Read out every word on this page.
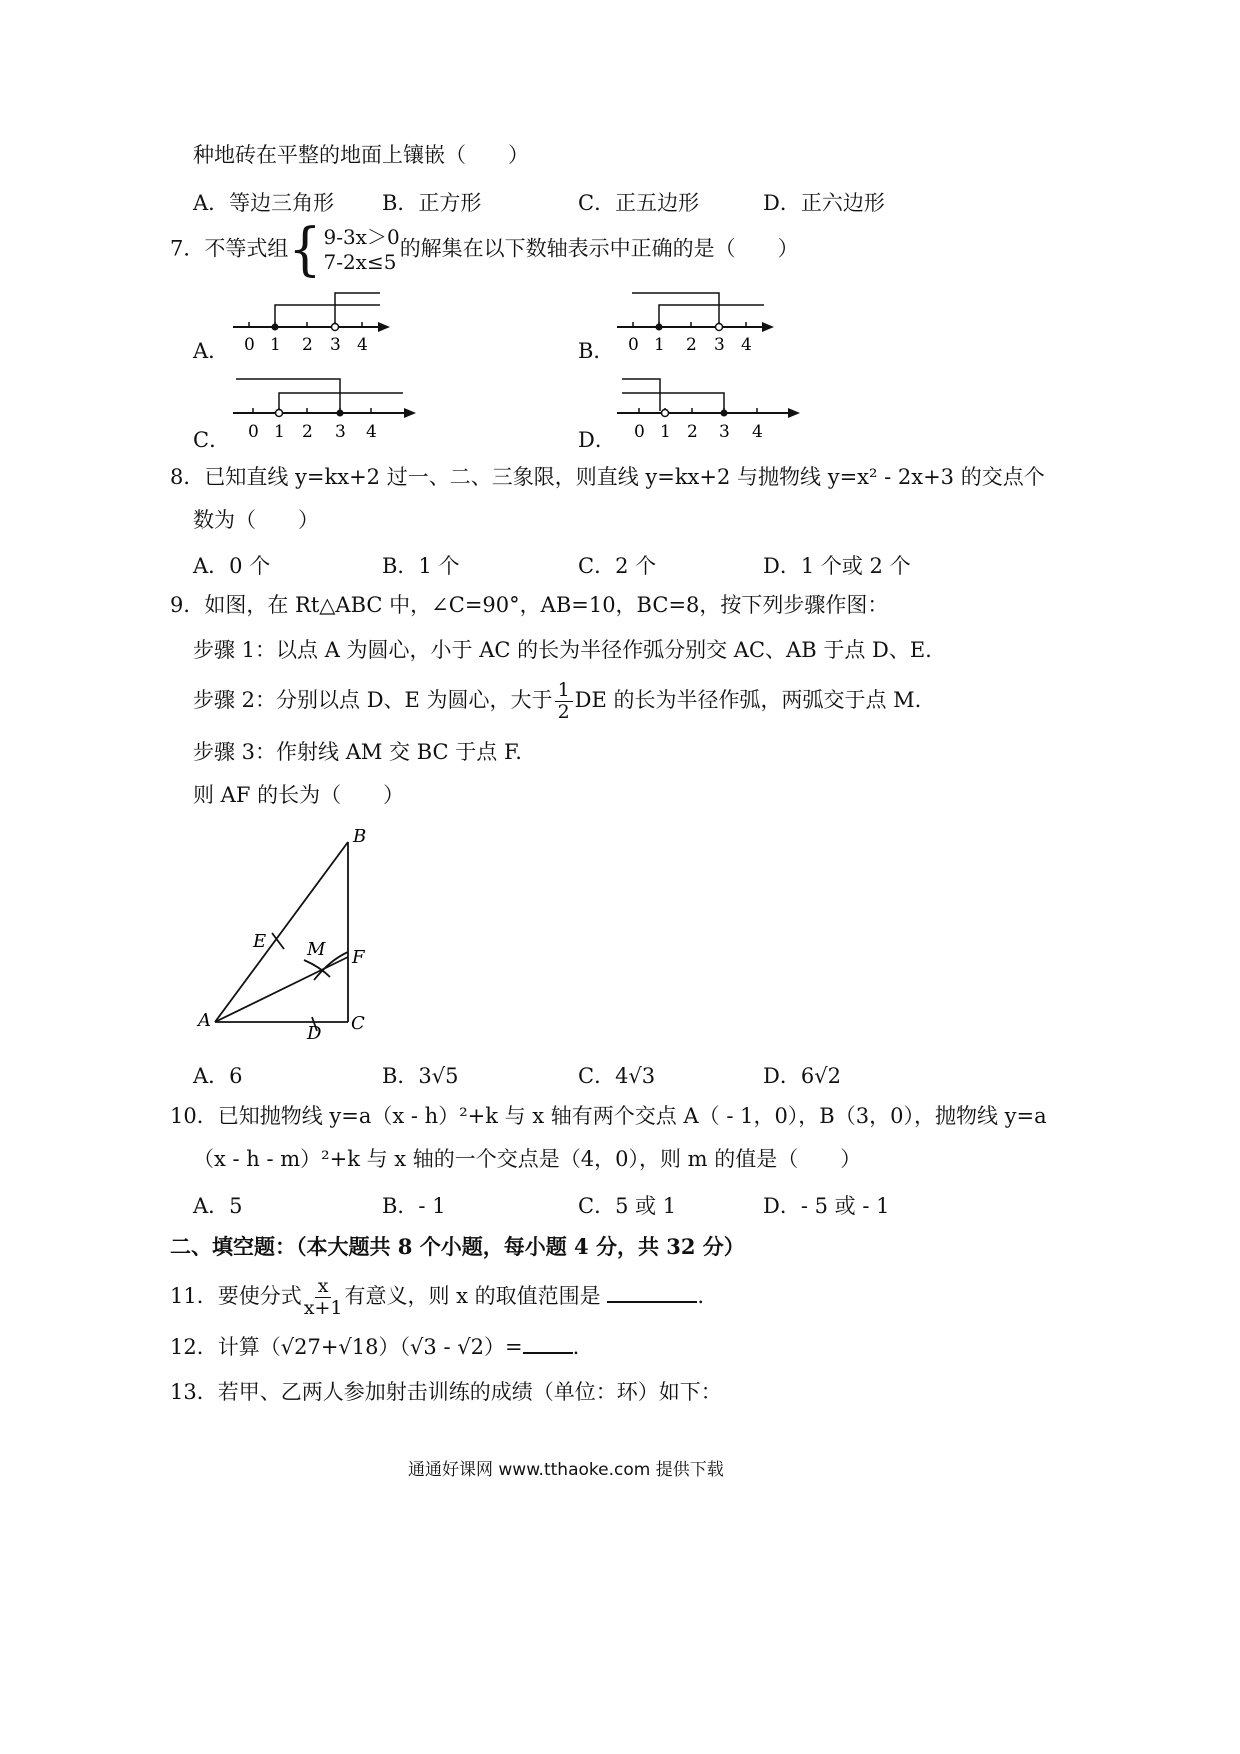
种地砖在平整的地面上镶嵌（　　）
A．等边三角形 B．正方形	C．正五边形	D．正六边形
7．不等式组 { 9-3x＞0
7-2x≤5
的解集在以下数轴表示中正确的是（　　）
A．	B．
C．	D．
0 1 2 3 4	0 1 2 3 4
0 1 2 3 4	0 1 2 3 4
8．已知直线 y=kx+2 过一、二、三象限，则直线 y=kx+2 与抛物线 y=x² - 2x+3 的交点个
数为（　　）
A．0 个	B．1 个	C．2 个	D．1 个或 2 个
9．如图，在 Rt△ABC 中，∠C=90°，AB=10，BC=8，按下列步骤作图：
步骤 1：以点 A 为圆心，小于 AC 的长为半径作弧分别交 AC、AB 于点 D、E.
步骤 2：分别以点 D、E 为圆心，大于 $\frac{1}{2}$ DE 的长为半径作弧，两弧交于点 M.
步骤 3：作射线 AM 交 BC 于点 F.
则 AF 的长为（　　）
B
E M F
A
D C
A．6	B．3√5	C．4√3	D．6√2
10．已知抛物线 y=a（x - h）²+k 与 x 轴有两个交点 A（ - 1，0），B（3，0），抛物线 y=a
（x - h - m）²+k 与 x 轴的一个交点是（4，0），则 m 的值是（　　）
A．5	B．- 1	C．5 或 1	D．- 5 或 - 1
二、填空题：（本大题共 8 个小题，每小题 4 分，共 32 分）
11．要使分式 $\frac{x}{x+1}$ 有意义，则 x 的取值范围是	.
12．计算（√27+√18）（√3 - √2）= .
13．若甲、乙两人参加射击训练的成绩（单位：环）如下：
通通好课网 www.tthaoke.com 提供下载
